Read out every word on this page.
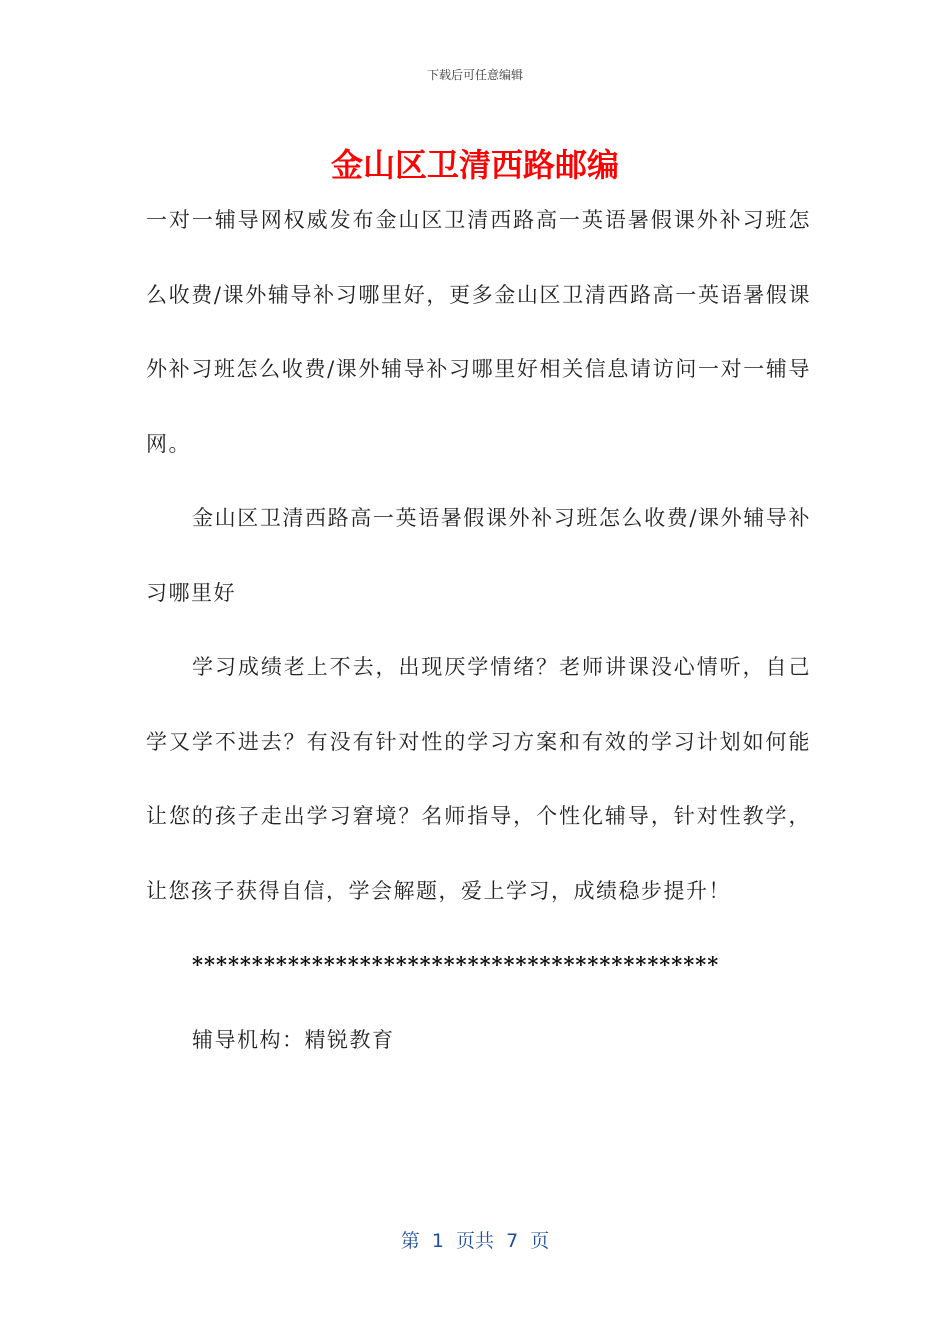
下载后可任意编辑
金山区卫清西路邮编

一对一辅导网权威发布金山区卫清西路高一英语暑假课外补习班怎么收费/课外辅导补习哪里好，更多金山区卫清西路高一英语暑假课外补习班怎么收费/课外辅导补习哪里好相关信息请访问一对一辅导网。

金山区卫清西路高一英语暑假课外补习班怎么收费/课外辅导补习哪里好

学习成绩老上不去，出现厌学情绪？老师讲课没心情听，自己学又学不进去？有没有针对性的学习方案和有效的学习计划如何能让您的孩子走出学习窘境？名师指导，个性化辅导，针对性教学，让您孩子获得自信，学会解题，爱上学习，成绩稳步提升！

********************************************

辅导机构：精锐教育

第  1  页共  7  页
